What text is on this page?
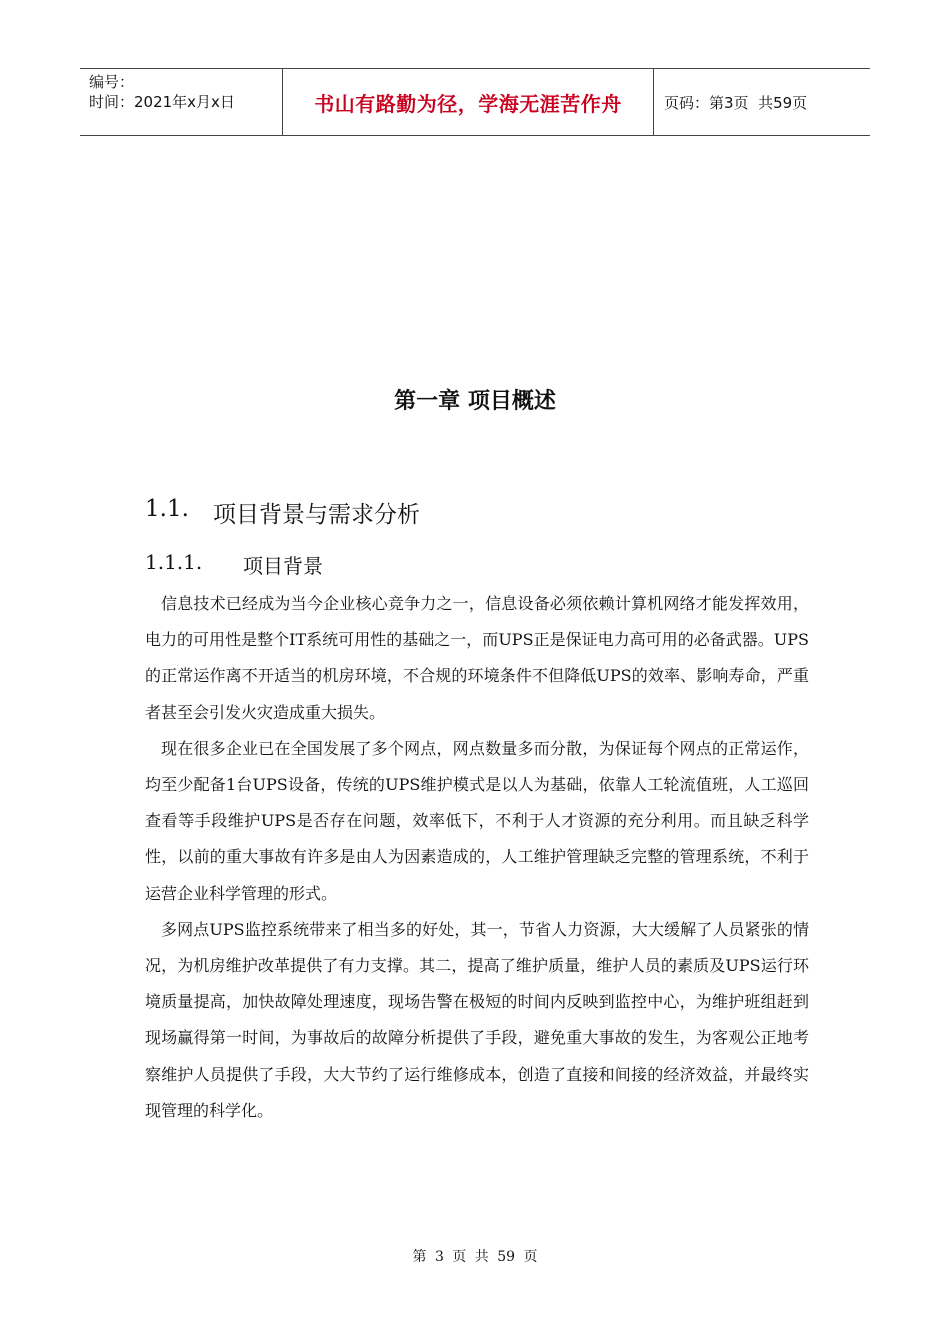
编号：
时间：2021年x月x日	书山有路勤为径，学海无涯苦作舟	页码：第3页  共59页
第一章 项目概述
1.1.	项目背景与需求分析
1.1.1.	项目背景

信息技术已经成为当今企业核心竞争力之一，信息设备必须依赖计算机网络才能发挥效用，电力的可用性是整个IT系统可用性的基础之一，而UPS正是保证电力高可用的必备武器。UPS的正常运作离不开适当的机房环境，不合规的环境条件不但降低UPS的效率、影响寿命，严重者甚至会引发火灾造成重大损失。

现在很多企业已在全国发展了多个网点，网点数量多而分散，为保证每个网点的正常运作，均至少配备1台UPS设备，传统的UPS维护模式是以人为基础，依靠人工轮流值班，人工巡回查看等手段维护UPS是否存在问题，效率低下，不利于人才资源的充分利用。而且缺乏科学性，以前的重大事故有许多是由人为因素造成的，人工维护管理缺乏完整的管理系统，不利于运营企业科学管理的形式。

多网点UPS监控系统带来了相当多的好处，其一，节省人力资源，大大缓解了人员紧张的情况，为机房维护改革提供了有力支撑。其二，提高了维护质量，维护人员的素质及UPS运行环境质量提高，加快故障处理速度，现场告警在极短的时间内反映到监控中心，为维护班组赶到现场赢得第一时间，为事故后的故障分析提供了手段，避免重大事故的发生，为客观公正地考察维护人员提供了手段，大大节约了运行维修成本，创造了直接和间接的经济效益，并最终实现管理的科学化。

第 3 页 共 59 页
